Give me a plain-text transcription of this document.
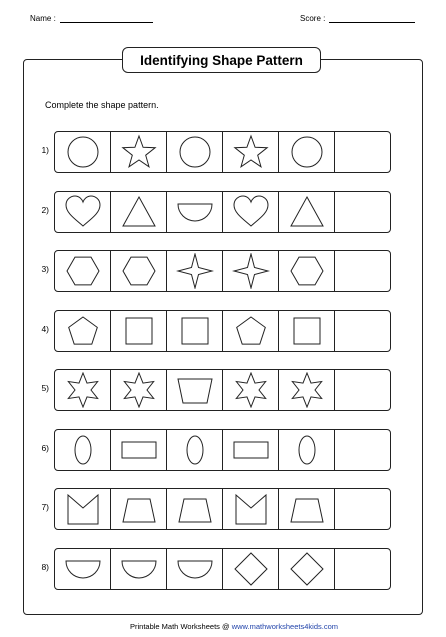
Name :	Score :
Identifying Shape Pattern
Complete the shape pattern.
1)
2)
3)
4)
5)
6)
7)
8)
Printable Math Worksheets @ www.mathworksheets4kids.com
